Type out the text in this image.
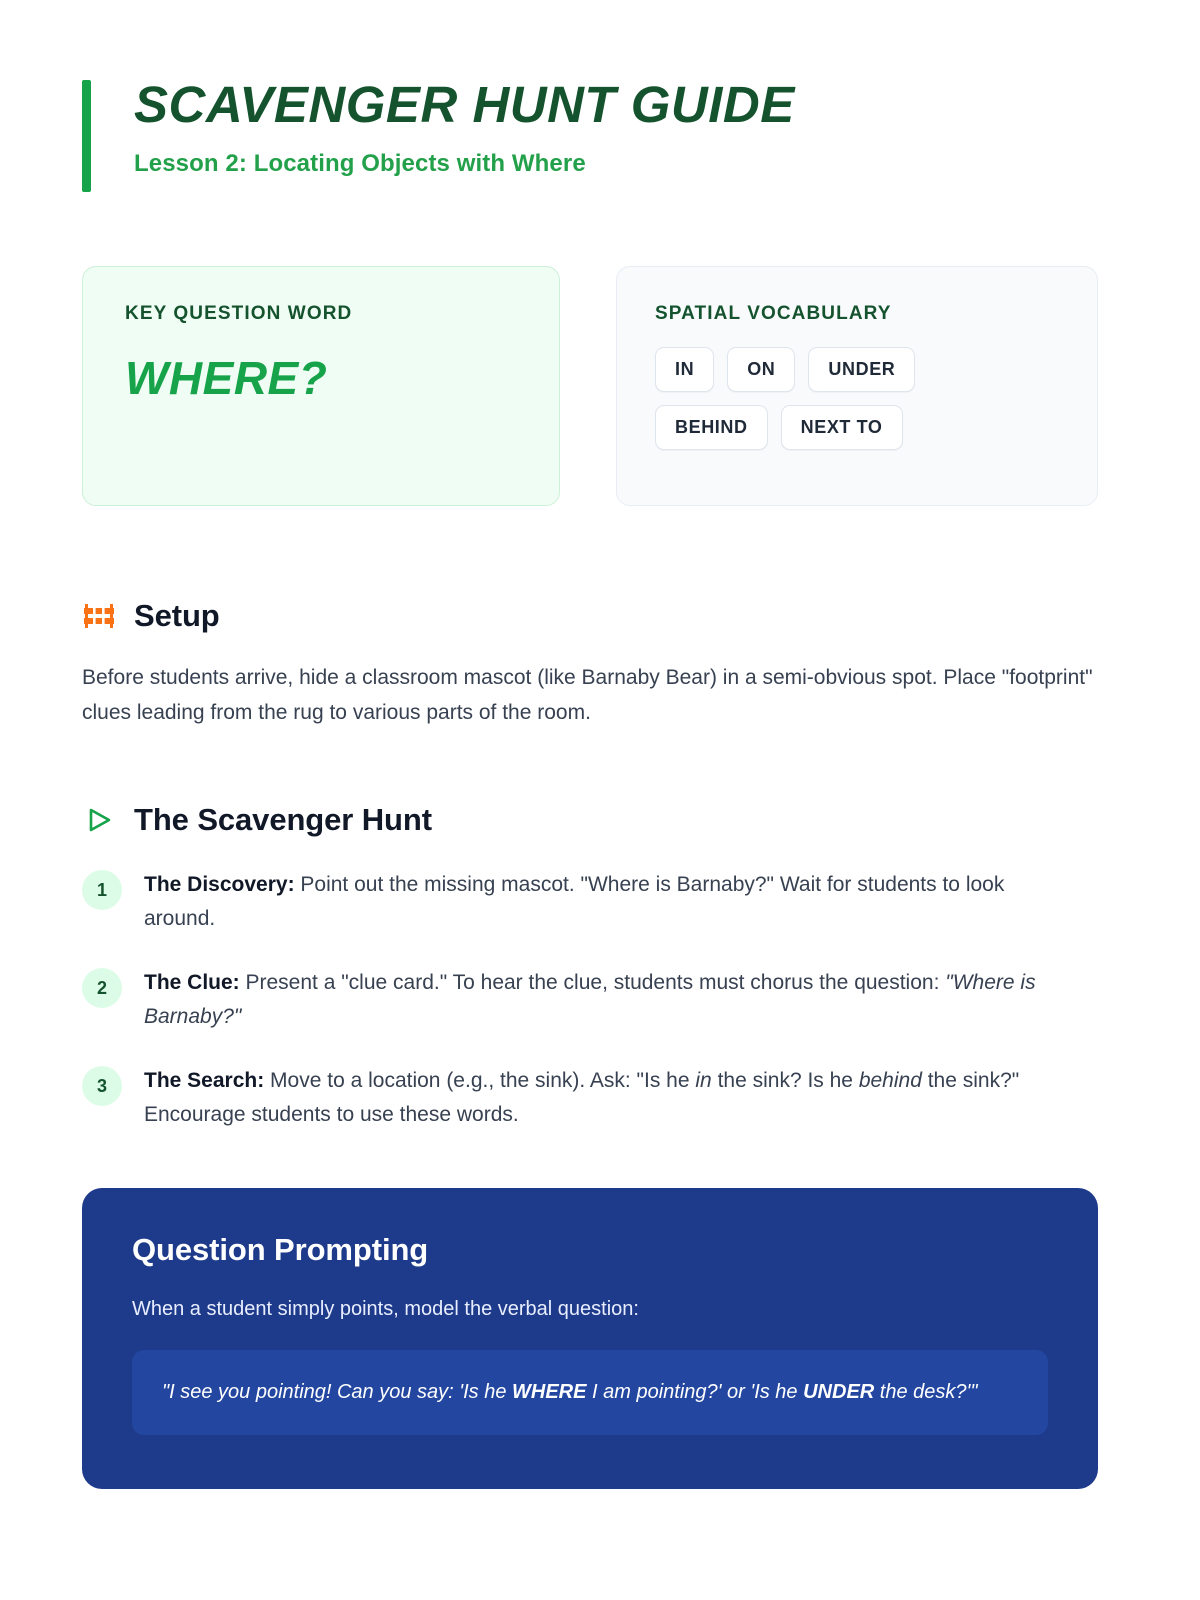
SCAVENGER HUNT GUIDE
Lesson 2: Locating Objects with Where
KEY QUESTION WORD
WHERE?
SPATIAL VOCABULARY
IN	ON	UNDER
BEHIND	NEXT TO
Setup

Before students arrive, hide a classroom mascot (like Barnaby Bear) in a semi-obvious spot. Place "footprint" clues leading from the rug to various parts of the room.

The Scavenger Hunt
1	The Discovery: Point out the missing mascot. "Where is Barnaby?" Wait for students to look around.
2	The Clue: Present a "clue card." To hear the clue, students must chorus the question: "Where is Barnaby?"
3	The Search: Move to a location (e.g., the sink). Ask: "Is he in the sink? Is he behind the sink?" Encourage students to use these words.
Question Prompting

When a student simply points, model the verbal question:

"I see you pointing! Can you say: 'Is he WHERE I am pointing?' or 'Is he UNDER the desk?'"
